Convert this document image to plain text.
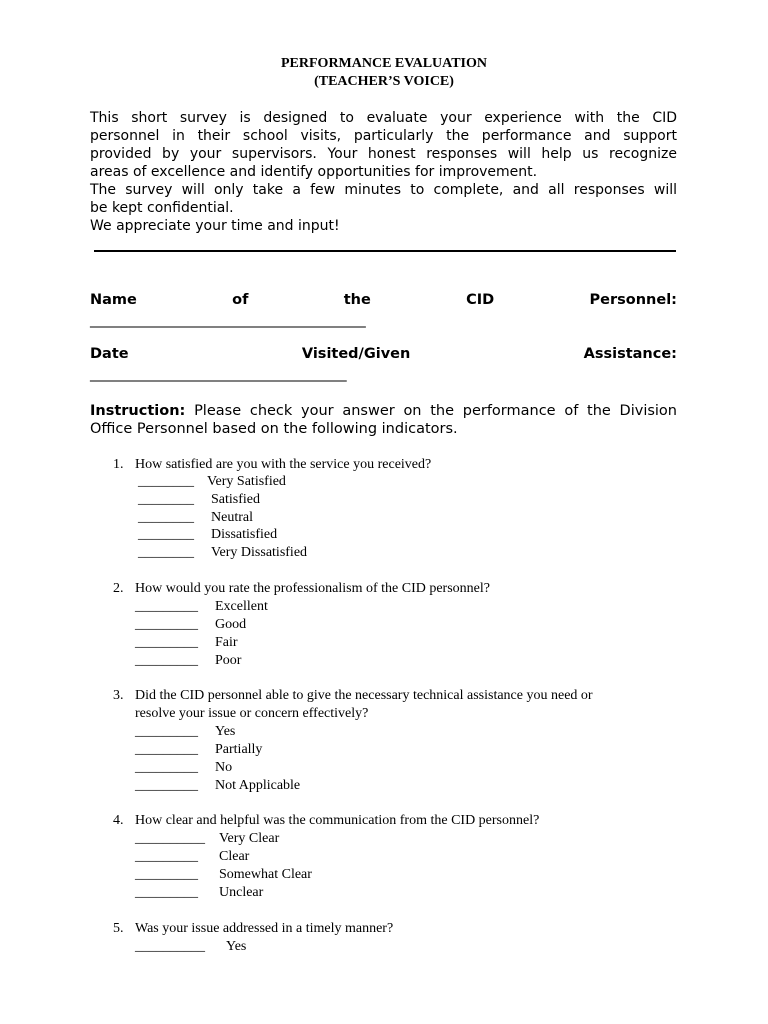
PERFORMANCE EVALUATION
(TEACHER’S VOICE)
This short survey is designed to evaluate your experience with the CID
personnel in their school visits, particularly the performance and support
provided by your supervisors. Your honest responses will help us recognize
areas of excellence and identify opportunities for improvement.
The survey will only take a few minutes to complete, and all responses will
be kept confidential.
We appreciate your time and input!
Name	of	the	CID	Personnel:
___________________________________________
Date	Visited/Given	Assistance:
________________________________________
Instruction: Please check your answer on the performance of the Division Office Personnel based on the following indicators.
1. How satisfied are you with the service you received?
________ Very Satisfied
________ Satisfied
________ Neutral
________ Dissatisfied
________ Very Dissatisfied
2. How would you rate the professionalism of the CID personnel?
_________ Excellent
_________ Good
_________ Fair
_________ Poor
3. Did the CID personnel able to give the necessary technical assistance you need or
resolve your issue or concern effectively?
_________ Yes
_________ Partially
_________ No
_________ Not Applicable
4. How clear and helpful was the communication from the CID personnel?
__________ Very Clear
_________ Clear
_________ Somewhat Clear
_________ Unclear
5. Was your issue addressed in a timely manner?
__________ Yes
